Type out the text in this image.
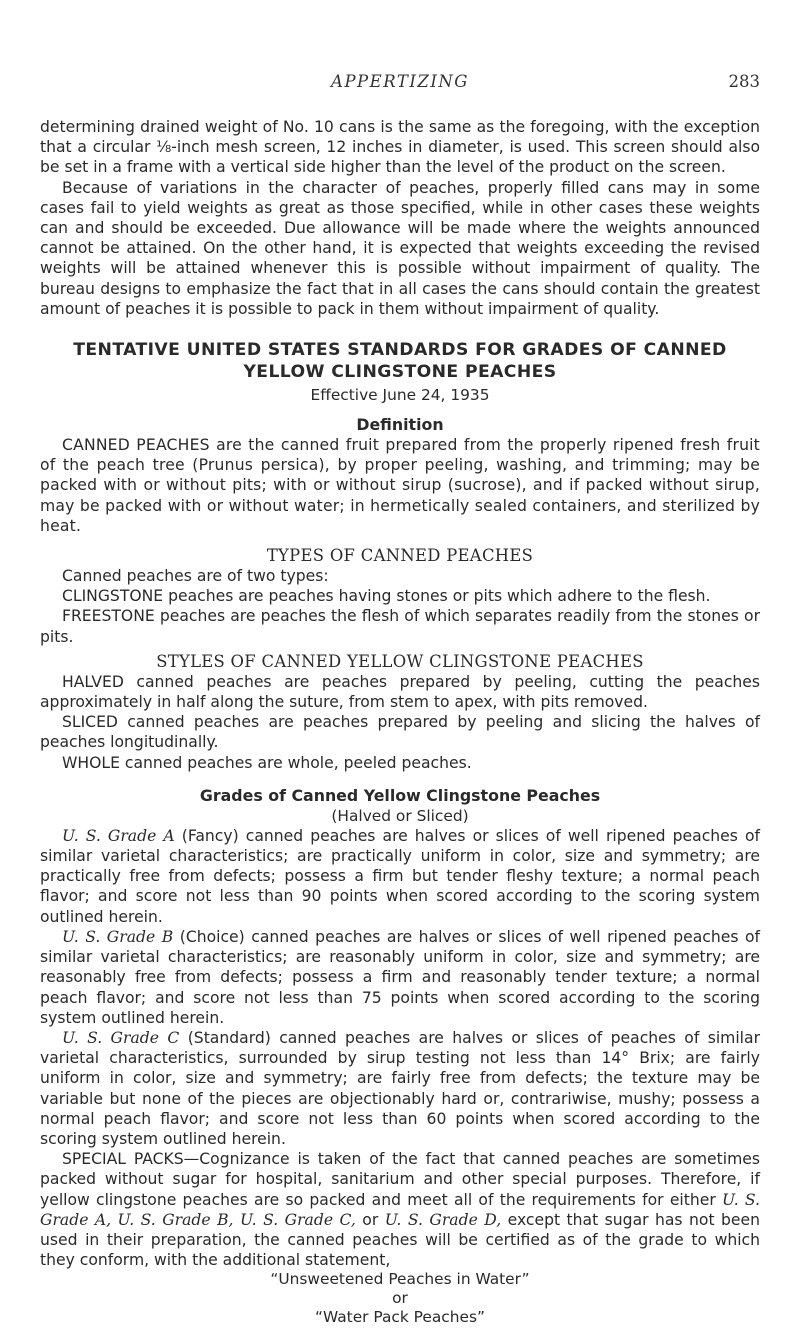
APPERTIZING	283

determining drained weight of No. 10 cans is the same as the foregoing, with the exception that a circular ⅛-inch mesh screen, 12 inches in diameter, is used. This screen should also be set in a frame with a vertical side higher than the level of the product on the screen.

Because of variations in the character of peaches, properly filled cans may in some cases fail to yield weights as great as those specified, while in other cases these weights can and should be exceeded. Due allowance will be made where the weights announced cannot be attained. On the other hand, it is expected that weights exceeding the revised weights will be attained whenever this is possible without impairment of quality. The bureau designs to emphasize the fact that in all cases the cans should contain the greatest amount of peaches it is possible to pack in them without impairment of quality.

TENTATIVE UNITED STATES STANDARDS FOR GRADES OF CANNED YELLOW CLINGSTONE PEACHES
Effective June 24, 1935
Definition

CANNED PEACHES are the canned fruit prepared from the properly ripened fresh fruit of the peach tree (Prunus persica), by proper peeling, washing, and trimming; may be packed with or without pits; with or without sirup (sucrose), and if packed without sirup, may be packed with or without water; in hermetically sealed containers, and sterilized by heat.

TYPES OF CANNED PEACHES

Canned peaches are of two types:

CLINGSTONE peaches are peaches having stones or pits which adhere to the flesh.

FREESTONE peaches are peaches the flesh of which separates readily from the stones or pits.

STYLES OF CANNED YELLOW CLINGSTONE PEACHES

HALVED canned peaches are peaches prepared by peeling, cutting the peaches approximately in half along the suture, from stem to apex, with pits removed.

SLICED canned peaches are peaches prepared by peeling and slicing the halves of peaches longitudinally.

WHOLE canned peaches are whole, peeled peaches.

Grades of Canned Yellow Clingstone Peaches
(Halved or Sliced)

U. S. Grade A (Fancy) canned peaches are halves or slices of well ripened peaches of similar varietal characteristics; are practically uniform in color, size and symmetry; are practically free from defects; possess a firm but tender fleshy texture; a normal peach flavor; and score not less than 90 points when scored according to the scoring system outlined herein.

U. S. Grade B (Choice) canned peaches are halves or slices of well ripened peaches of similar varietal characteristics; are reasonably uniform in color, size and symmetry; are reasonably free from defects; possess a firm and reasonably tender texture; a normal peach flavor; and score not less than 75 points when scored according to the scoring system outlined herein.

U. S. Grade C (Standard) canned peaches are halves or slices of peaches of similar varietal characteristics, surrounded by sirup testing not less than 14° Brix; are fairly uniform in color, size and symmetry; are fairly free from defects; the texture may be variable but none of the pieces are objectionably hard or, contrariwise, mushy; possess a normal peach flavor; and score not less than 60 points when scored according to the scoring system outlined herein.

SPECIAL PACKS—Cognizance is taken of the fact that canned peaches are sometimes packed without sugar for hospital, sanitarium and other special purposes. Therefore, if yellow clingstone peaches are so packed and meet all of the requirements for either U. S. Grade A, U. S. Grade B, U. S. Grade C, or U. S. Grade D, except that sugar has not been used in their preparation, the canned peaches will be certified as of the grade to which they conform, with the additional statement,

“Unsweetened Peaches in Water”
or
“Water Pack Peaches”
